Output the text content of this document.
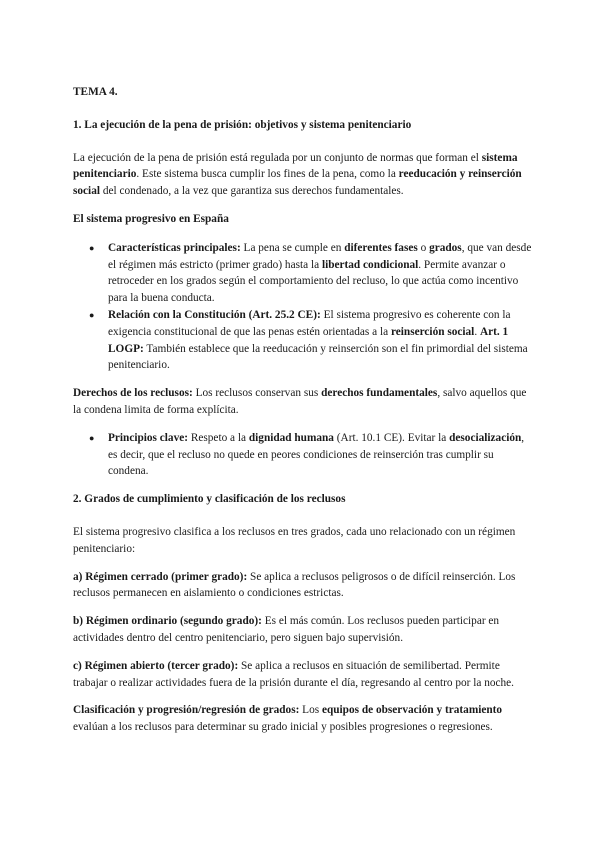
TEMA 4.

1. La ejecución de la pena de prisión: objetivos y sistema penitenciario

La ejecución de la pena de prisión está regulada por un conjunto de normas que forman el sistema penitenciario. Este sistema busca cumplir los fines de la pena, como la reeducación y reinserción social del condenado, a la vez que garantiza sus derechos fundamentales.

El sistema progresivo en España

● Características principales: La pena se cumple en diferentes fases o grados, que van desde el régimen más estricto (primer grado) hasta la libertad condicional. Permite avanzar o retroceder en los grados según el comportamiento del recluso, lo que actúa como incentivo para la buena conducta.
● Relación con la Constitución (Art. 25.2 CE): El sistema progresivo es coherente con la exigencia constitucional de que las penas estén orientadas a la reinserción social. Art. 1 LOGP: También establece que la reeducación y reinserción son el fin primordial del sistema penitenciario.

Derechos de los reclusos: Los reclusos conservan sus derechos fundamentales, salvo aquellos que la condena limita de forma explícita.

● Principios clave: Respeto a la dignidad humana (Art. 10.1 CE). Evitar la desocialización, es decir, que el recluso no quede en peores condiciones de reinserción tras cumplir su condena.

2. Grados de cumplimiento y clasificación de los reclusos

El sistema progresivo clasifica a los reclusos en tres grados, cada uno relacionado con un régimen penitenciario:

a) Régimen cerrado (primer grado): Se aplica a reclusos peligrosos o de difícil reinserción. Los reclusos permanecen en aislamiento o condiciones estrictas.

b) Régimen ordinario (segundo grado): Es el más común. Los reclusos pueden participar en actividades dentro del centro penitenciario, pero siguen bajo supervisión.

c) Régimen abierto (tercer grado): Se aplica a reclusos en situación de semilibertad. Permite trabajar o realizar actividades fuera de la prisión durante el día, regresando al centro por la noche.

Clasificación y progresión/regresión de grados: Los equipos de observación y tratamiento evalúan a los reclusos para determinar su grado inicial y posibles progresiones o regresiones.
